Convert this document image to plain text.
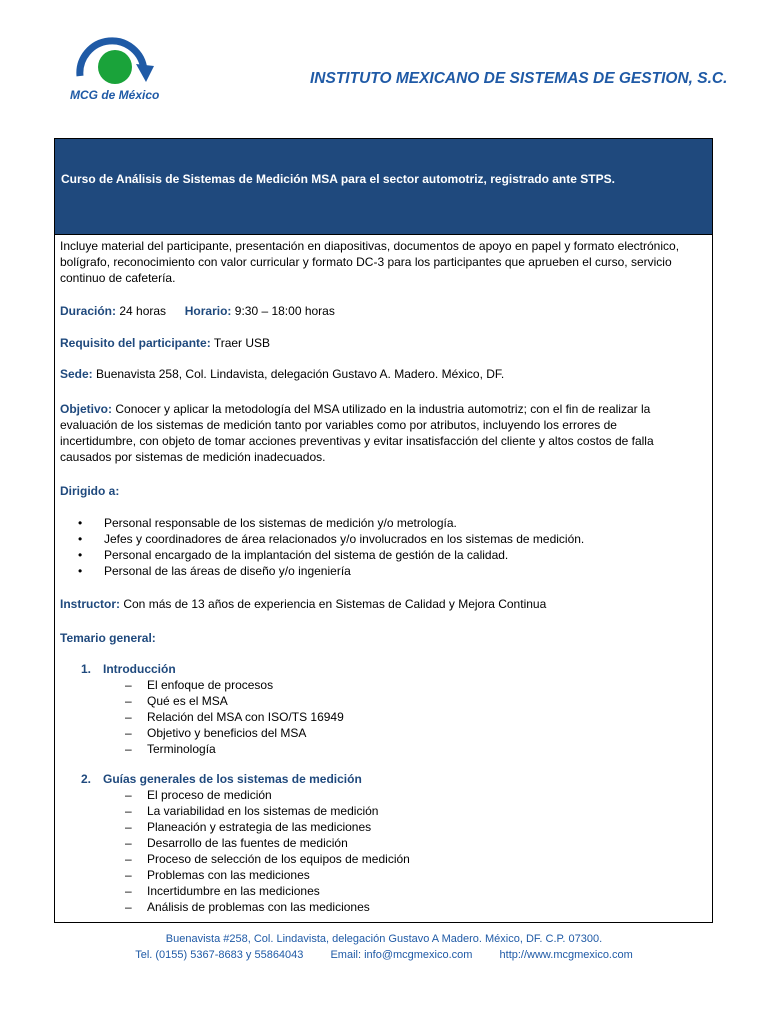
MCG de México
INSTITUTO MEXICANO DE SISTEMAS DE GESTION, S.C.
Curso de Análisis de Sistemas de Medición MSA para el sector automotriz, registrado ante STPS.
Incluye material del participante, presentación en diapositivas, documentos de apoyo en papel y formato electrónico,
bolígrafo, reconocimiento con valor curricular y formato DC-3 para los participantes que aprueben el curso, servicio
continuo de cafetería.
Duración: 24 horas Horario: 9:30 – 18:00 horas
Requisito del participante: Traer USB
Sede: Buenavista 258, Col. Lindavista, delegación Gustavo A. Madero. México, DF.
Objetivo: Conocer y aplicar la metodología del MSA utilizado en la industria automotriz; con el fin de realizar la
evaluación de los sistemas de medición tanto por variables como por atributos, incluyendo los errores de
incertidumbre, con objeto de tomar acciones preventivas y evitar insatisfacción del cliente y altos costos de falla
causados por sistemas de medición inadecuados.
Dirigido a:
• Personal responsable de los sistemas de medición y/o metrología.
• Jefes y coordinadores de área relacionados y/o involucrados en los sistemas de medición.
• Personal encargado de la implantación del sistema de gestión de la calidad.
• Personal de las áreas de diseño y/o ingeniería
Instructor: Con más de 13 años de experiencia en Sistemas de Calidad y Mejora Continua
Temario general:
1. Introducción
– El enfoque de procesos
– Qué es el MSA
– Relación del MSA con ISO/TS 16949
– Objetivo y beneficios del MSA
– Terminología
2. Guías generales de los sistemas de medición
– El proceso de medición
– La variabilidad en los sistemas de medición
– Planeación y estrategia de las mediciones
– Desarrollo de las fuentes de medición
– Proceso de selección de los equipos de medición
– Problemas con las mediciones
– Incertidumbre en las mediciones
– Análisis de problemas con las mediciones
Buenavista #258, Col. Lindavista, delegación Gustavo A Madero. México, DF. C.P. 07300.
Tel. (0155) 5367-8683 y 55864043 Email: info@mcgmexico.com http://www.mcgmexico.com
